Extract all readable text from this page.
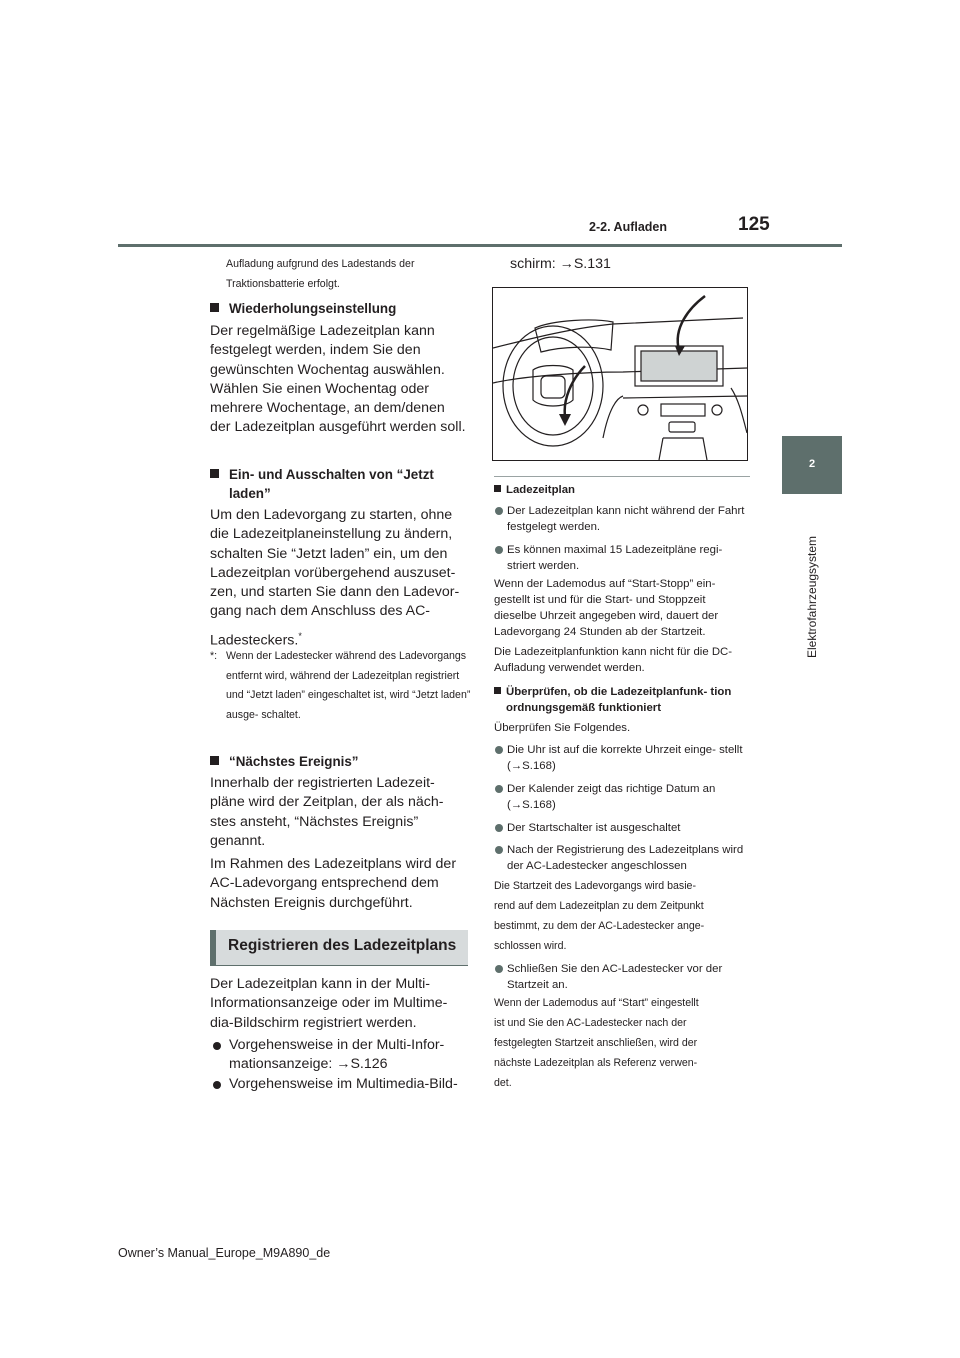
2-2. Aufladen	125
2
Elektrofahrzeugsystem
Aufladung aufgrund des Ladestands der
Traktionsbatterie erfolgt.
Wiederholungseinstellung
Der regelmäßige Ladezeitplan kann festgelegt werden, indem Sie den gewünschten Wochentag auswählen. Wählen Sie einen Wochentag oder mehrere Wochentage, an dem/denen der Ladezeitplan ausgeführt werden soll.
Ein- und Ausschalten von “Jetzt laden”
Um den Ladevorgang zu starten, ohne die Ladezeitplaneinstellung zu ändern, schalten Sie “Jetzt laden” ein, um den Ladezeitplan vorübergehend auszuset- zen, und starten Sie dann den Ladevor- gang nach dem Anschluss des AC-
Ladesteckers.*
*: Wenn der Ladestecker während des Ladevorgangs entfernt wird, während der Ladezeitplan registriert und “Jetzt laden” eingeschaltet ist, wird “Jetzt laden” ausge- schaltet.
“Nächstes Ereignis”
Innerhalb der registrierten Ladezeit- pläne wird der Zeitplan, der als näch- stes ansteht, “Nächstes Ereignis” genannt.
Im Rahmen des Ladezeitplans wird der AC-Ladevorgang entsprechend dem Nächsten Ereignis durchgeführt.
Registrieren des Ladezeitplans
Der Ladezeitplan kann in der Multi- Informationsanzeige oder im Multime- dia-Bildschirm registriert werden.
Vorgehensweise in der Multi-Infor- mationsanzeige: →S.126
Vorgehensweise im Multimedia-Bild-
schirm: →S.131
Ladezeitplan
Der Ladezeitplan kann nicht während der Fahrt festgelegt werden.
Es können maximal 15 Ladezeitpläne regi- striert werden.
Wenn der Lademodus auf “Start-Stopp” ein- gestellt ist und für die Start- und Stoppzeit dieselbe Uhrzeit angegeben wird, dauert der Ladevorgang 24 Stunden ab der Startzeit.
Die Ladezeitplanfunktion kann nicht für die DC-Aufladung verwendet werden.
Überprüfen, ob die Ladezeitplanfunk- tion ordnungsgemäß funktioniert
Überprüfen Sie Folgendes.
Die Uhr ist auf die korrekte Uhrzeit einge- stellt (→S.168)
Der Kalender zeigt das richtige Datum an (→S.168)
Der Startschalter ist ausgeschaltet
Nach der Registrierung des Ladezeitplans wird der AC-Ladestecker angeschlossen
Die Startzeit des Ladevorgangs wird basie-
rend auf dem Ladezeitplan zu dem Zeitpunkt
bestimmt, zu dem der AC-Ladestecker ange-
schlossen wird.
Schließen Sie den AC-Ladestecker vor der Startzeit an.
Wenn der Lademodus auf “Start” eingestellt
ist und Sie den AC-Ladestecker nach der
festgelegten Startzeit anschließen, wird der
nächste Ladezeitplan als Referenz verwen-
det.
Owner’s Manual_Europe_M9A890_de
